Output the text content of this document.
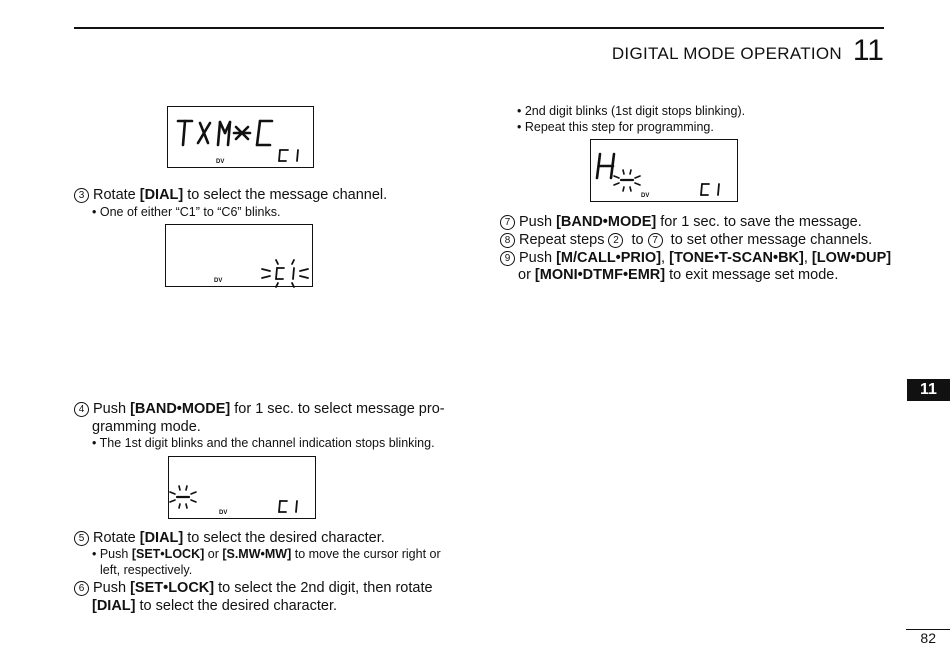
DIGITAL MODE OPERATION 11
11
82
DV
3 Rotate [DIAL] to select the message channel.
• One of either “C1” to “C6” blinks.
DV
4 Push [BAND•MODE] for 1 sec. to select message pro-
gramming mode.
• The 1st digit blinks and the channel indication stops blinking.
DV
5 Rotate [DIAL] to select the desired character.
• Push [SET•LOCK] or [S.MW•MW] to move the cursor right or
left, respectively.
6 Push [SET•LOCK] to select the 2nd digit, then rotate
[DIAL] to select the desired character.
• 2nd digit blinks (1st digit stops blinking).
• Repeat this step for programming.
DV
7 Push [BAND•MODE] for 1 sec. to save the message.
8 Repeat steps 2 to 7 to set other message channels.
9 Push [M/CALL•PRIO], [TONE•T-SCAN•BK], [LOW•DUP]
or [MONI•DTMF•EMR] to exit message set mode.
